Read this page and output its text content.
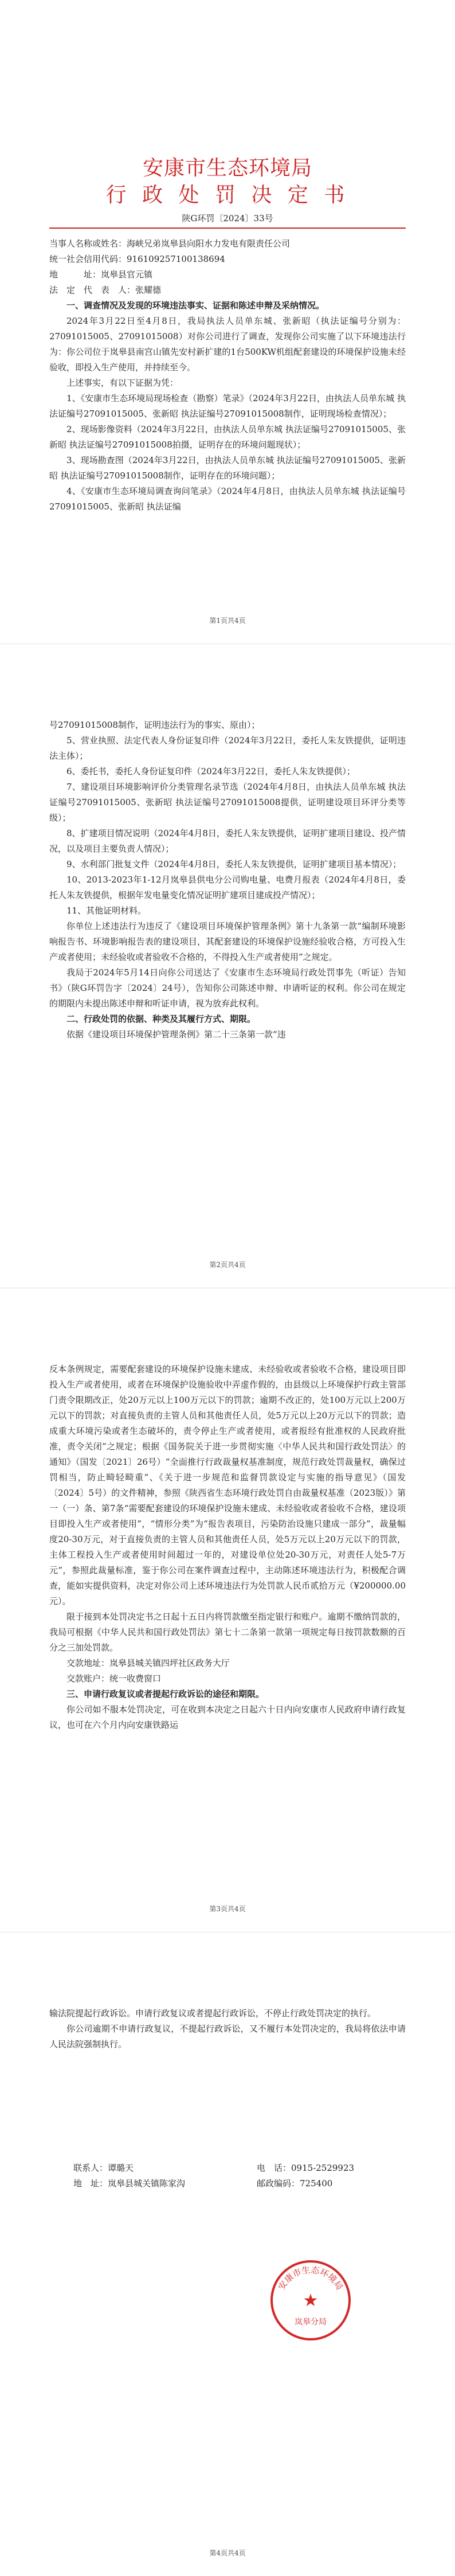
安康市生态环境局
行 政 处 罚 决 定 书
陕G环罚〔2024〕33号

当事人名称或姓名：海峡兄弟岚皋县向阳水力发电有限责任公司

统一社会信用代码：916109257100138694

地　　　址：岚皋县官元镇

法　定　代　表　人：张耀德

一、调查情况及发现的环境违法事实、证据和陈述申辩及采纳情况。

2024年3月22日至4月8日，我局执法人员单东城、张新昭（执法证编号分别为：27091015005、27091015008）对你公司进行了调查，发现你公司实施了以下环境违法行为：你公司位于岚皋县南宫山镇先安村新扩建的1台500KW机组配套建设的环境保护设施未经验收，即投入生产使用，并持续至今。

上述事实，有以下证据为凭：

1、《安康市生态环境局现场检查（勘察）笔录》（2024年3月22日，由执法人员单东城 执法证编号27091015005、张新昭 执法证编号27091015008制作，证明现场检查情况）；

2、现场影像资料（2024年3月22日，由执法人员单东城 执法证编号27091015005、张新昭 执法证编号27091015008拍摄，证明存在的环境问题现状）；

3、现场勘查图（2024年3月22日，由执法人员单东城 执法证编号27091015005、张新昭 执法证编号27091015008制作，证明存在的环境问题）；

4、《安康市生态环境局调查询问笔录》（2024年4月8日，由执法人员单东城 执法证编号27091015005、张新昭 执法证编

第1页共4页

号27091015008制作，证明违法行为的事实、原由）；

5、营业执照、法定代表人身份证复印件（2024年3月22日，委托人朱友铁提供，证明违法主体）；

6、委托书，委托人身份证复印件（2024年3月22日，委托人朱友铁提供）；

7、建设项目环境影响评价分类管理名录节选（2024年4月8日，由执法人员单东城 执法证编号27091015005、张新昭 执法证编号27091015008提供，证明建设项目环评分类等级）；

8、扩建项目情况说明（2024年4月8日，委托人朱友铁提供，证明扩建项目建设、投产情况，以及项目主要负责人情况）；

9、水利部门批复文件（2024年4月8日，委托人朱友铁提供，证明扩建项目基本情况）；

10、2013-2023年1-12月岚皋县供电分公司购电量、电费月报表（2024年4月8日，委托人朱友铁提供，根据年发电量变化情况证明扩建项目建成投产情况）；

11、其他证明材料。

你单位上述违法行为违反了《建设项目环境保护管理条例》第十九条第一款“编制环境影响报告书、环境影响报告表的建设项目，其配套建设的环境保护设施经验收合格，方可投入生产或者使用；未经验收或者验收不合格的，不得投入生产或者使用”之规定。

我局于2024年5月14日向你公司送达了《安康市生态环境局行政处罚事先（听证）告知书》（陕G环罚告字〔2024〕24号），告知你公司陈述申辩、申请听证的权利。你公司在规定的期限内未提出陈述申辩和听证申请，视为放弃此权利。

二、行政处罚的依据、种类及其履行方式、期限。

依据《建设项目环境保护管理条例》第二十三条第一款“违

第2页共4页

反本条例规定，需要配套建设的环境保护设施未建成、未经验收或者验收不合格，建设项目即投入生产或者使用，或者在环境保护设施验收中弄虚作假的，由县级以上环境保护行政主管部门责令限期改正，处20万元以上100万元以下的罚款；逾期不改正的，处100万元以上200万元以下的罚款；对直接负责的主管人员和其他责任人员，处5万元以上20万元以下的罚款；造成重大环境污染或者生态破坏的，责令停止生产或者使用，或者报经有批准权的人民政府批准，责令关闭”之规定；根据《国务院关于进一步贯彻实施〈中华人民共和国行政处罚法〉的通知》（国发〔2021〕26号）“全面推行行政裁量权基准制度，规范行政处罚裁量权，确保过罚相当，防止畸轻畸重”、《关于进一步规范和监督罚款设定与实施的指导意见》（国发〔2024〕5号）的文件精神，参照《陕西省生态环境行政处罚自由裁量权基准（2023版）》第一（一）条、第7条“需要配套建设的环境保护设施未建成、未经验收或者验收不合格，建设项目即投入生产或者使用”，“情形分类”为“报告表项目，污染防治设施只建成一部分”，裁量幅度20-30万元，对于直接负责的主管人员和其他责任人员，处5万元以上20万元以下的罚款，主体工程投入生产或者使用时间超过一年的，对建设单位处20-30万元，对责任人处5-7万元”，参照此裁量标准，鉴于你公司在案件调查过程中，主动陈述环境违法行为，积极配合调查，能如实提供资料，决定对你公司上述环境违法行为处罚款人民币贰拾万元（¥200000.00元）。

限于接到本处罚决定书之日起十五日内将罚款缴至指定银行和账户。逾期不缴纳罚款的，我局可根据《中华人民共和国行政处罚法》第七十二条第一款第一项规定每日按罚款数额的百分之三加处罚款。

交款地址：岚皋县城关镇四坪社区政务大厅

交款账户：统一收费窗口

三、申请行政复议或者提起行政诉讼的途径和期限。

你公司如不服本处罚决定，可在收到本决定之日起六十日内向安康市人民政府申请行政复议，也可在六个月内向安康铁路运

第3页共4页

输法院提起行政诉讼。申请行政复议或者提起行政诉讼，不停止行政处罚决定的执行。

你公司逾期不申请行政复议，不提起行政诉讼，又不履行本处罚决定的，我局将依法申请人民法院强制执行。

联系人：谭璐天	电　话：0915-2529923
地　址：岚皋县城关镇陈家沟	邮政编码：725400
第4页共4页
安康市生态环境局
★
岚皋分局
